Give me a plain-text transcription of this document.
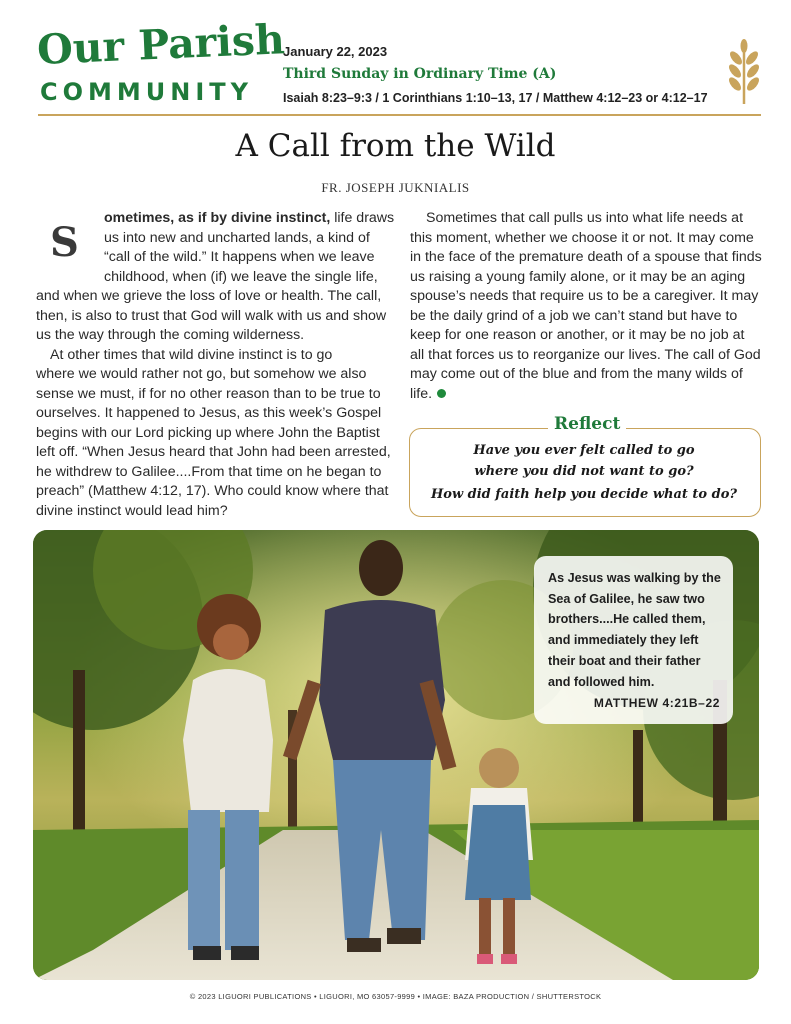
Our Parish
COMMUNITY
January 22, 2023
Third Sunday in Ordinary Time (A)
Isaiah 8:23–9:3 / 1 Corinthians 1:10–13, 17 / Matthew 4:12–23 or 4:12–17
A Call from the Wild
FR. JOSEPH JUKNIALIS
S
ometimes, as if by divine instinct, life draws
us into new and uncharted lands, a kind of
“call of the wild.” It happens when we leave
childhood, when (if) we leave the single life,
and when we grieve the loss of love or health. The call,
then, is also to trust that God will walk with us and show
us the way through the coming wilderness.
At other times that wild divine instinct is to go
where we would rather not go, but somehow we also
sense we must, if for no other reason than to be true to
ourselves. It happened to Jesus, as this week’s Gospel
begins with our Lord picking up where John the Baptist
left off. “When Jesus heard that John had been arrested,
he withdrew to Galilee....From that time on he began to
preach” (Matthew 4:12, 17). Who could know where that
divine instinct would lead him?
Sometimes that call pulls us into what life needs at
this moment, whether we choose it or not. It may come
in the face of the premature death of a spouse that finds
us raising a young family alone, or it may be an aging
spouse’s needs that require us to be a caregiver. It may
be the daily grind of a job we can’t stand but have to
keep for one reason or another, or it may be no job at
all that forces us to reorganize our lives. The call of God
may come out of the blue and from the many wilds of
life.
Reflect
Have you ever felt called to go
where you did not want to go?
How did faith help you decide what to do?
As Jesus was walking by the
Sea of Galilee, he saw two
brothers....He called them,
and immediately they left
their boat and their father
and followed him.
MATTHEW 4:21B–22
© 2023 LIGUORI PUBLICATIONS • LIGUORI, MO 63057-9999 • IMAGE: BAZA PRODUCTION / SHUTTERSTOCK
